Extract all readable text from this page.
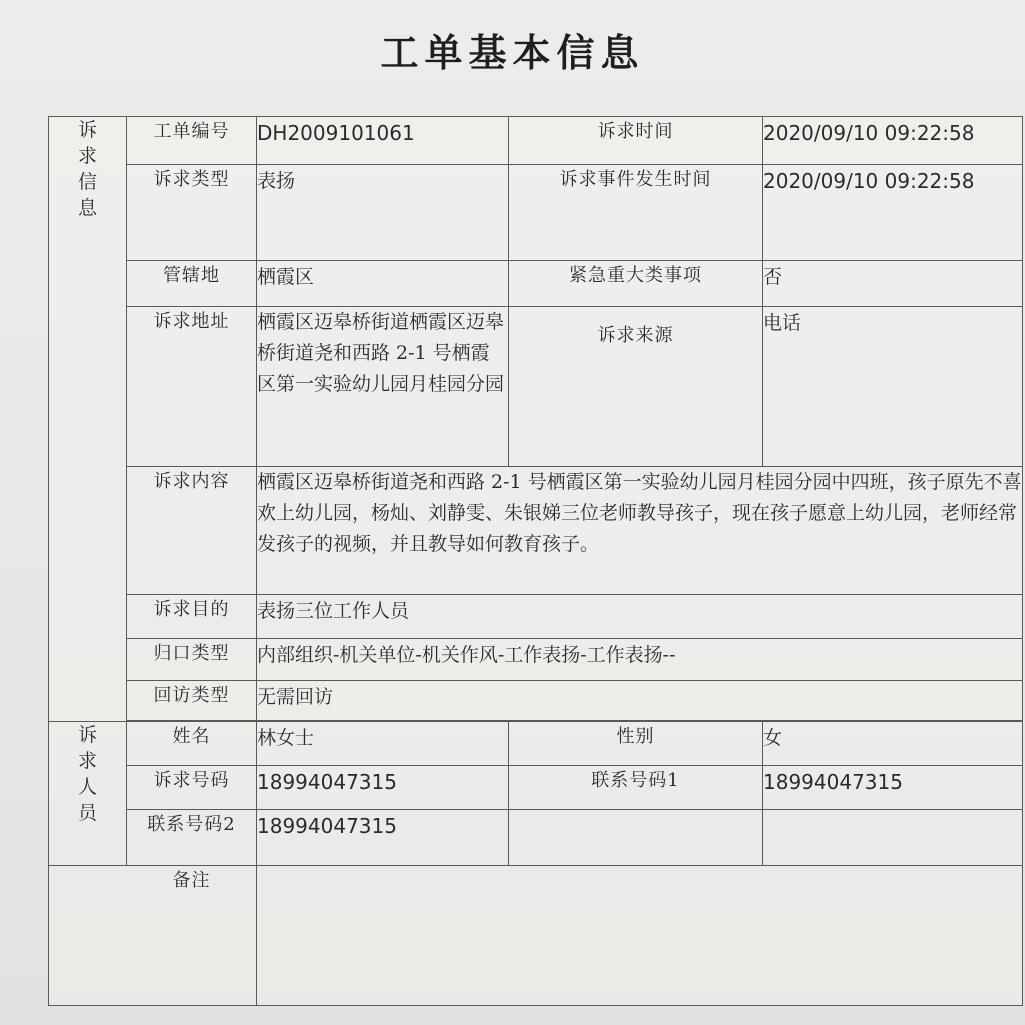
工单基本信息
诉求信息	工单编号	DH2009101061	诉求时间	2020/09/10 09:22:58
	诉求类型	表扬	诉求事件发生时间	2020/09/10 09:22:58
	管辖地	栖霞区	紧急重大类事项	否
	诉求地址	栖霞区迈皋桥街道栖霞区迈皋桥街道尧和西路 2-1 号栖霞区第一实验幼儿园月桂园分园	诉求来源	电话
	诉求内容	栖霞区迈皋桥街道尧和西路 2-1 号栖霞区第一实验幼儿园月桂园分园中四班，孩子原先不喜欢上幼儿园，杨灿、刘静雯、朱银娣三位老师教导孩子，现在孩子愿意上幼儿园，老师经常发孩子的视频，并且教导如何教育孩子。		
	诉求目的	表扬三位工作人员		
	归口类型	内部组织-机关单位-机关作风-工作表扬-工作表扬--		
	回访类型	无需回访		

诉求人员	姓名	林女士	性别	女
	诉求号码	18994047315	联系号码1	18994047315
	联系号码2	18994047315		
备注				
